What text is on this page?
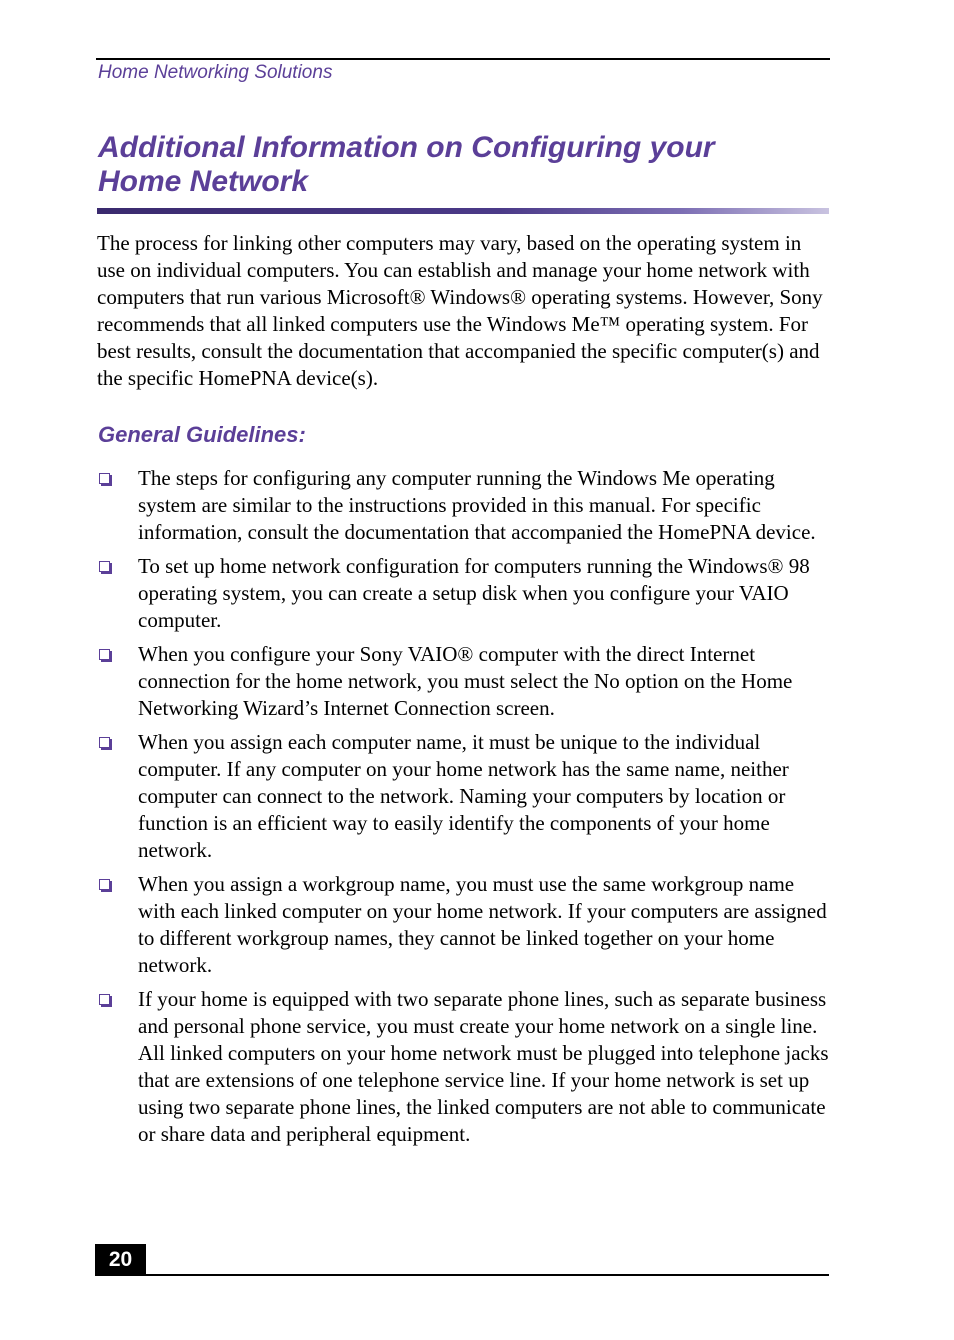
Home Networking Solutions
Additional Information on Configuring your Home Network

The process for linking other computers may vary, based on the operating system in use on individual computers. You can establish and manage your home network with computers that run various Microsoft® Windows® operating systems. However, Sony recommends that all linked computers use the Windows Me™ operating system. For best results, consult the documentation that accompanied the specific computer(s) and the specific HomePNA device(s).

General Guidelines:
The steps for configuring any computer running the Windows Me operating system are similar to the instructions provided in this manual. For specific information, consult the documentation that accompanied the HomePNA device.
To set up home network configuration for computers running the Windows® 98 operating system, you can create a setup disk when you configure your VAIO computer.
When you configure your Sony VAIO® computer with the direct Internet connection for the home network, you must select the No option on the Home Networking Wizard’s Internet Connection screen.
When you assign each computer name, it must be unique to the individual computer. If any computer on your home network has the same name, neither computer can connect to the network. Naming your computers by location or function is an efficient way to easily identify the components of your home network.
When you assign a workgroup name, you must use the same workgroup name with each linked computer on your home network. If your computers are assigned to different workgroup names, they cannot be linked together on your home network.
If your home is equipped with two separate phone lines, such as separate business and personal phone service, you must create your home network on a single line. All linked computers on your home network must be plugged into telephone jacks that are extensions of one telephone service line. If your home network is set up using two separate phone lines, the linked computers are not able to communicate or share data and peripheral equipment.
20
